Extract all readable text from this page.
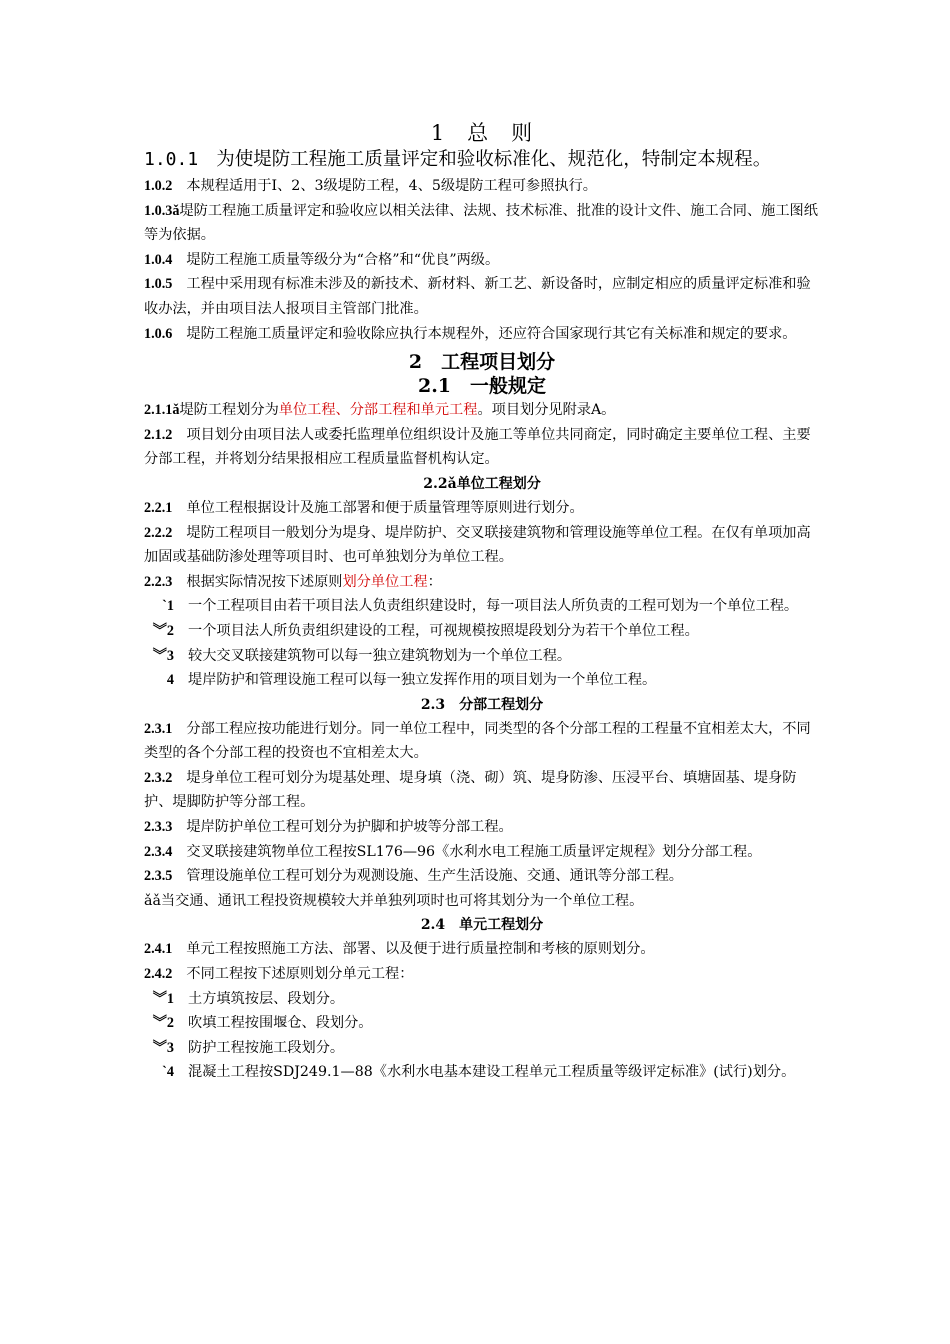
1　总　则

1.0.1 为使堤防工程施工质量评定和验收标准化、规范化，特制定本规程。

1.0.2 本规程适用于Ⅰ、2、3级堤防工程，4、5级堤防工程可参照执行。

1.0.3ǎ堤防工程施工质量评定和验收应以相关法律、法规、技术标准、批准的设计文件、施工合同、施工图纸等为依据。

1.0.4 堤防工程施工质量等级分为“合格”和“优良”两级。

1.0.5 工程中采用现有标准未涉及的新技术、新材料、新工艺、新设备时，应制定相应的质量评定标准和验收办法，并由项目法人报项目主管部门批准。

1.0.6 堤防工程施工质量评定和验收除应执行本规程外，还应符合国家现行其它有关标准和规定的要求。

2　工程项目划分
2.1　一般规定

2.1.1ǎ堤防工程划分为单位工程、分部工程和单元工程。项目划分见附录A。

2.1.2 项目划分由项目法人或委托监理单位组织设计及施工等单位共同商定，同时确定主要单位工程、主要分部工程，并将划分结果报相应工程质量监督机构认定。

2.2ǎ单位工程划分

2.2.1 单位工程根据设计及施工部署和便于质量管理等原则进行划分。

2.2.2 堤防工程项目一般划分为堤身、堤岸防护、交叉联接建筑物和管理设施等单位工程。在仅有单项加高加固或基础防渗处理等项目时、也可单独划分为单位工程。

2.2.3 根据实际情况按下述原则划分单位工程：

`1 一个工程项目由若干项目法人负责组织建设时，每一项目法人所负责的工程可划为一个单位工程。

︾2 一个项目法人所负责组织建设的工程，可视规模按照堤段划分为若干个单位工程。

︾3 较大交叉联接建筑物可以每一独立建筑物划为一个单位工程。

4 堤岸防护和管理设施工程可以每一独立发挥作用的项目划为一个单位工程。

2.3　分部工程划分

2.3.1 分部工程应按功能进行划分。同一单位工程中，同类型的各个分部工程的工程量不宜相差太大，不同类型的各个分部工程的投资也不宜相差太大。

2.3.2 堤身单位工程可划分为堤基处理、堤身填（浇、砌）筑、堤身防渗、压浸平台、填塘固基、堤身防护、堤脚防护等分部工程。

2.3.3 堤岸防护单位工程可划分为护脚和护坡等分部工程。

2.3.4 交叉联接建筑物单位工程按SL176—96《水利水电工程施工质量评定规程》划分分部工程。

2.3.5 管理设施单位工程可划分为观测设施、生产生活设施、交通、通讯等分部工程。

ǎǎ当交通、通讯工程投资规模较大并单独列项时也可将其划分为一个单位工程。

2.4　单元工程划分

2.4.1 单元工程按照施工方法、部署、以及便于进行质量控制和考核的原则划分。

2.4.2 不同工程按下述原则划分单元工程：

︾1 土方填筑按层、段划分。

︾2 吹填工程按围堰仓、段划分。

︾3 防护工程按施工段划分。

`4 混凝土工程按SDJ249.1—88《水利水电基本建设工程单元工程质量等级评定标准》(试行)划分。
